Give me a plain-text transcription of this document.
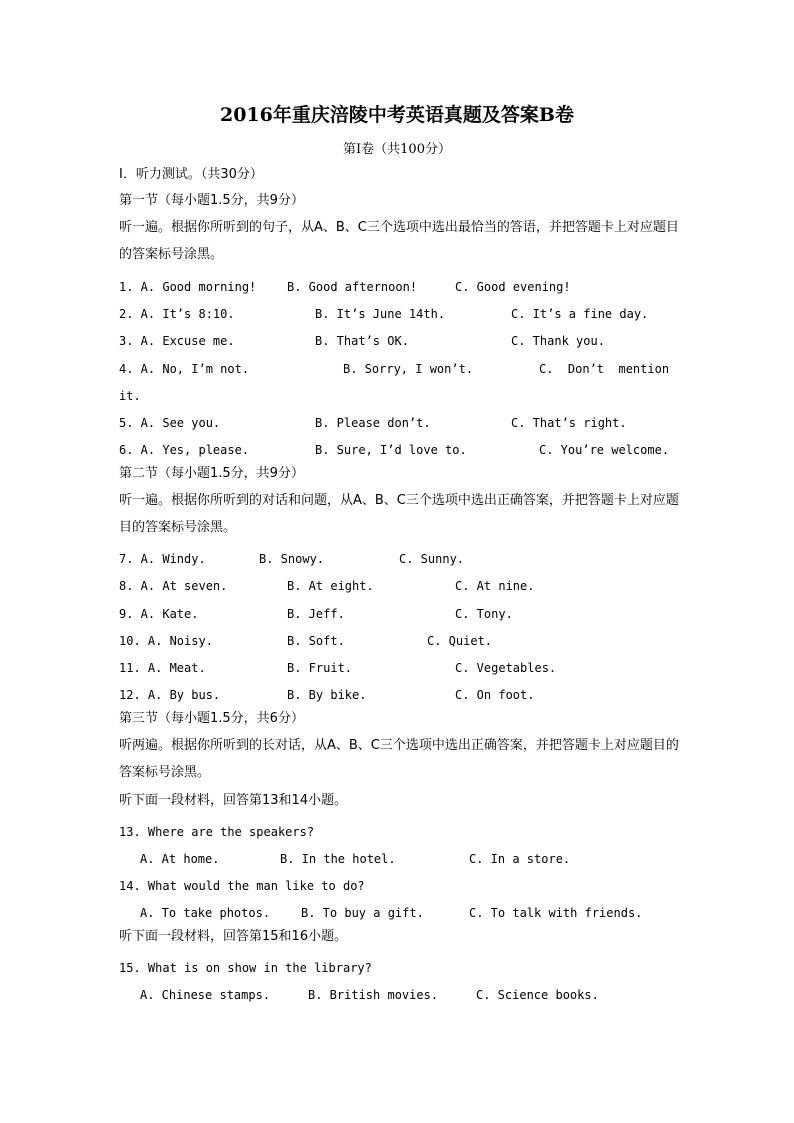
2016年重庆涪陵中考英语真题及答案B卷
第I卷（共100分）
I．听力测试。（共30分）
第一节（每小题1.5分，共9分）
听一遍。根据你所听到的句子，从A、B、C三个选项中选出最恰当的答语，并把答题卡上对应题目的答案标号涂黑。
1. A. Good morning!	B. Good afternoon!	C. Good evening!
2. A. It’s 8:10.	B. It’s June 14th.	C. It’s a fine day.
3. A. Excuse me.	B. That’s OK.	C. Thank you.
4. A. No, I’m not.	B. Sorry, I won’t.	C.  Don’t  mention
it.
5. A. See you.	B. Please don’t.	C. That’s right.
6. A. Yes, please.	B. Sure, I’d love to.	C. You’re welcome.
第二节（每小题1.5分，共9分）
听一遍。根据你所听到的对话和问题，从A、B、C三个选项中选出正确答案，并把答题卡上对应题目的答案标号涂黑。
7. A. Windy.	B. Snowy.	C. Sunny.
8. A. At seven.	B. At eight.	C. At nine.
9. A. Kate.	B. Jeff.	C. Tony.
10. A. Noisy.	B. Soft.	C. Quiet.
11. A. Meat.	B. Fruit.	C. Vegetables.
12. A. By bus.	B. By bike.	C. On foot.
第三节（每小题1.5分，共6分）
听两遍。根据你所听到的长对话，从A、B、C三个选项中选出正确答案，并把答题卡上对应题目的答案标号涂黑。
听下面一段材料，回答第13和14小题。
13. Where are the speakers?
A. At home.	B. In the hotel.	C. In a store.
14. What would the man like to do?
A. To take photos.	B. To buy a gift.	C. To talk with friends.
听下面一段材料，回答第15和16小题。
15. What is on show in the library?
A. Chinese stamps.	B. British movies.	C. Science books.
